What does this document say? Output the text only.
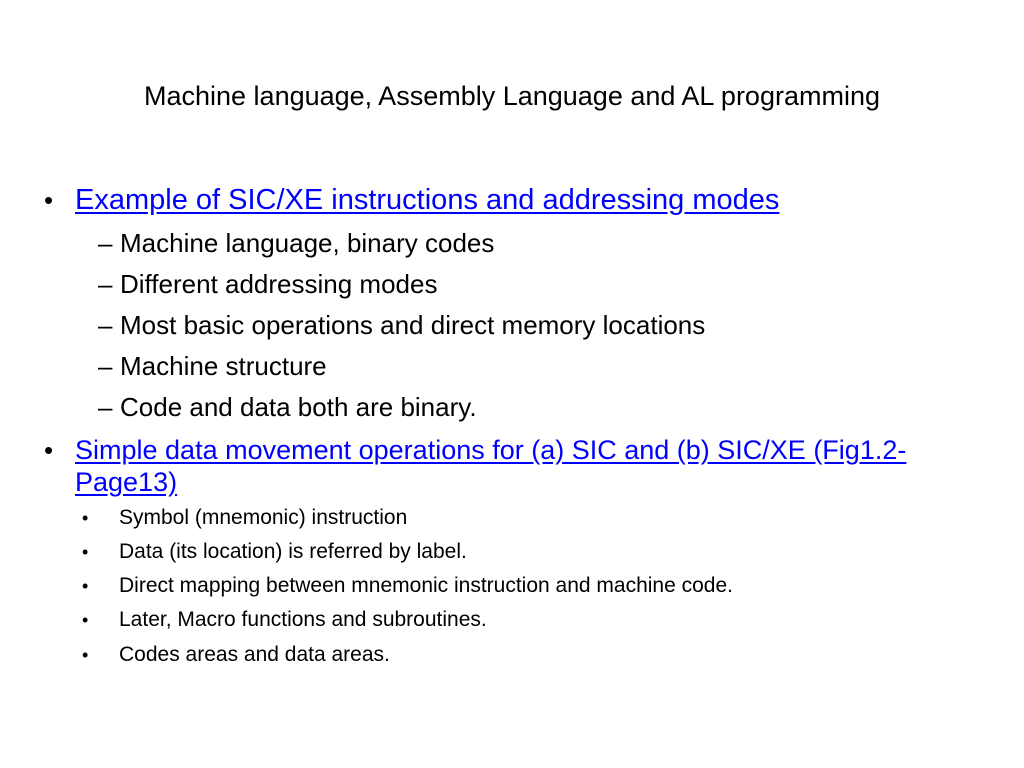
Machine language, Assembly Language and AL programming
• Example of SIC/XE instructions and addressing modes
– Machine language, binary codes
– Different addressing modes
– Most basic operations and direct memory locations
– Machine structure
– Code and data both are binary.
• Simple data movement operations for (a) SIC and (b) SIC/XE (Fig1.2-Page13)
• Symbol (mnemonic) instruction
• Data (its location) is referred by label.
• Direct mapping between mnemonic instruction and machine code.
• Later, Macro functions and subroutines.
• Codes areas and data areas.
